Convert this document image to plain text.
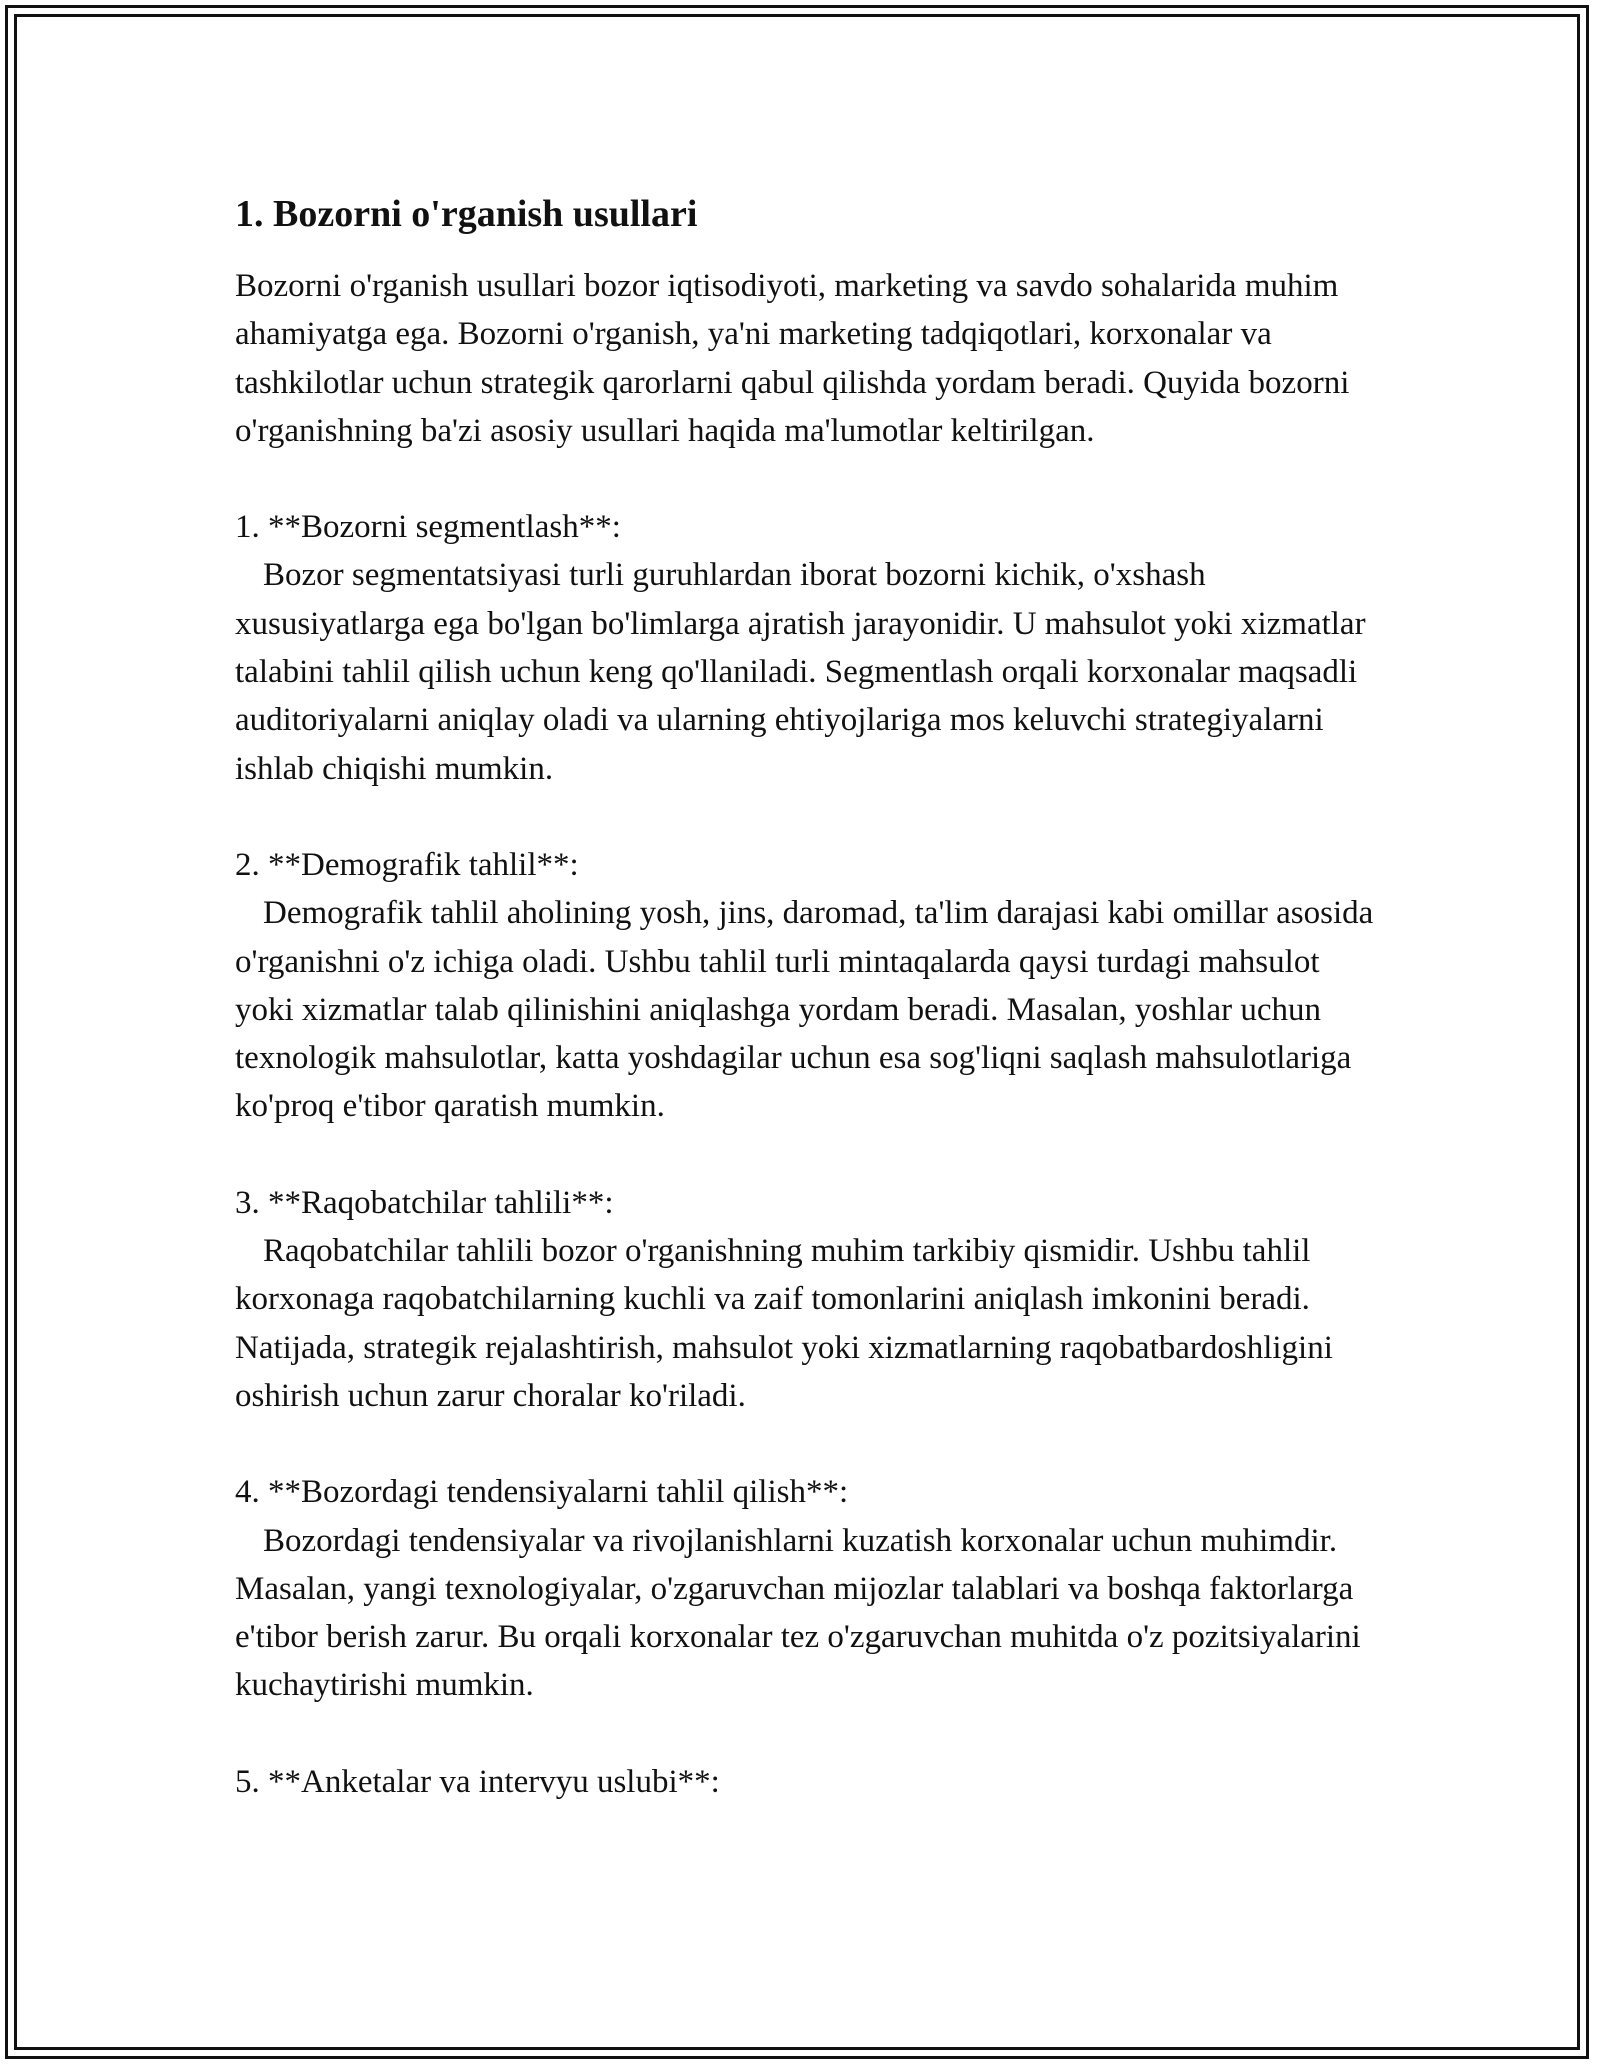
1. Bozorni o'rganish usullari

Bozorni o'rganish usullari bozor iqtisodiyoti, marketing va savdo sohalarida muhim ahamiyatga ega. Bozorni o'rganish, ya'ni marketing tadqiqotlari, korxonalar va tashkilotlar uchun strategik qarorlarni qabul qilishda yordam beradi. Quyida bozorni o'rganishning ba'zi asosiy usullari haqida ma'lumotlar keltirilgan.

1. **Bozorni segmentlash**:

Bozor segmentatsiyasi turli guruhlardan iborat bozorni kichik, o'xshash xususiyatlarga ega bo'lgan bo'limlarga ajratish jarayonidir. U mahsulot yoki xizmatlar talabini tahlil qilish uchun keng qo'llaniladi. Segmentlash orqali korxonalar maqsadli auditoriyalarni aniqlay oladi va ularning ehtiyojlariga mos keluvchi strategiyalarni ishlab chiqishi mumkin.

2. **Demografik tahlil**:

Demografik tahlil aholining yosh, jins, daromad, ta'lim darajasi kabi omillar asosida o'rganishni o'z ichiga oladi. Ushbu tahlil turli mintaqalarda qaysi turdagi mahsulot yoki xizmatlar talab qilinishini aniqlashga yordam beradi. Masalan, yoshlar uchun texnologik mahsulotlar, katta yoshdagilar uchun esa sog'liqni saqlash mahsulotlariga ko'proq e'tibor qaratish mumkin.

3. **Raqobatchilar tahlili**:

Raqobatchilar tahlili bozor o'rganishning muhim tarkibiy qismidir. Ushbu tahlil korxonaga raqobatchilarning kuchli va zaif tomonlarini aniqlash imkonini beradi. Natijada, strategik rejalashtirish, mahsulot yoki xizmatlarning raqobatbardoshligini oshirish uchun zarur choralar ko'riladi.

4. **Bozordagi tendensiyalarni tahlil qilish**:

Bozordagi tendensiyalar va rivojlanishlarni kuzatish korxonalar uchun muhimdir. Masalan, yangi texnologiyalar, o'zgaruvchan mijozlar talablari va boshqa faktorlarga e'tibor berish zarur. Bu orqali korxonalar tez o'zgaruvchan muhitda o'z pozitsiyalarini kuchaytirishi mumkin.

5. **Anketalar va intervyu uslubi**:
